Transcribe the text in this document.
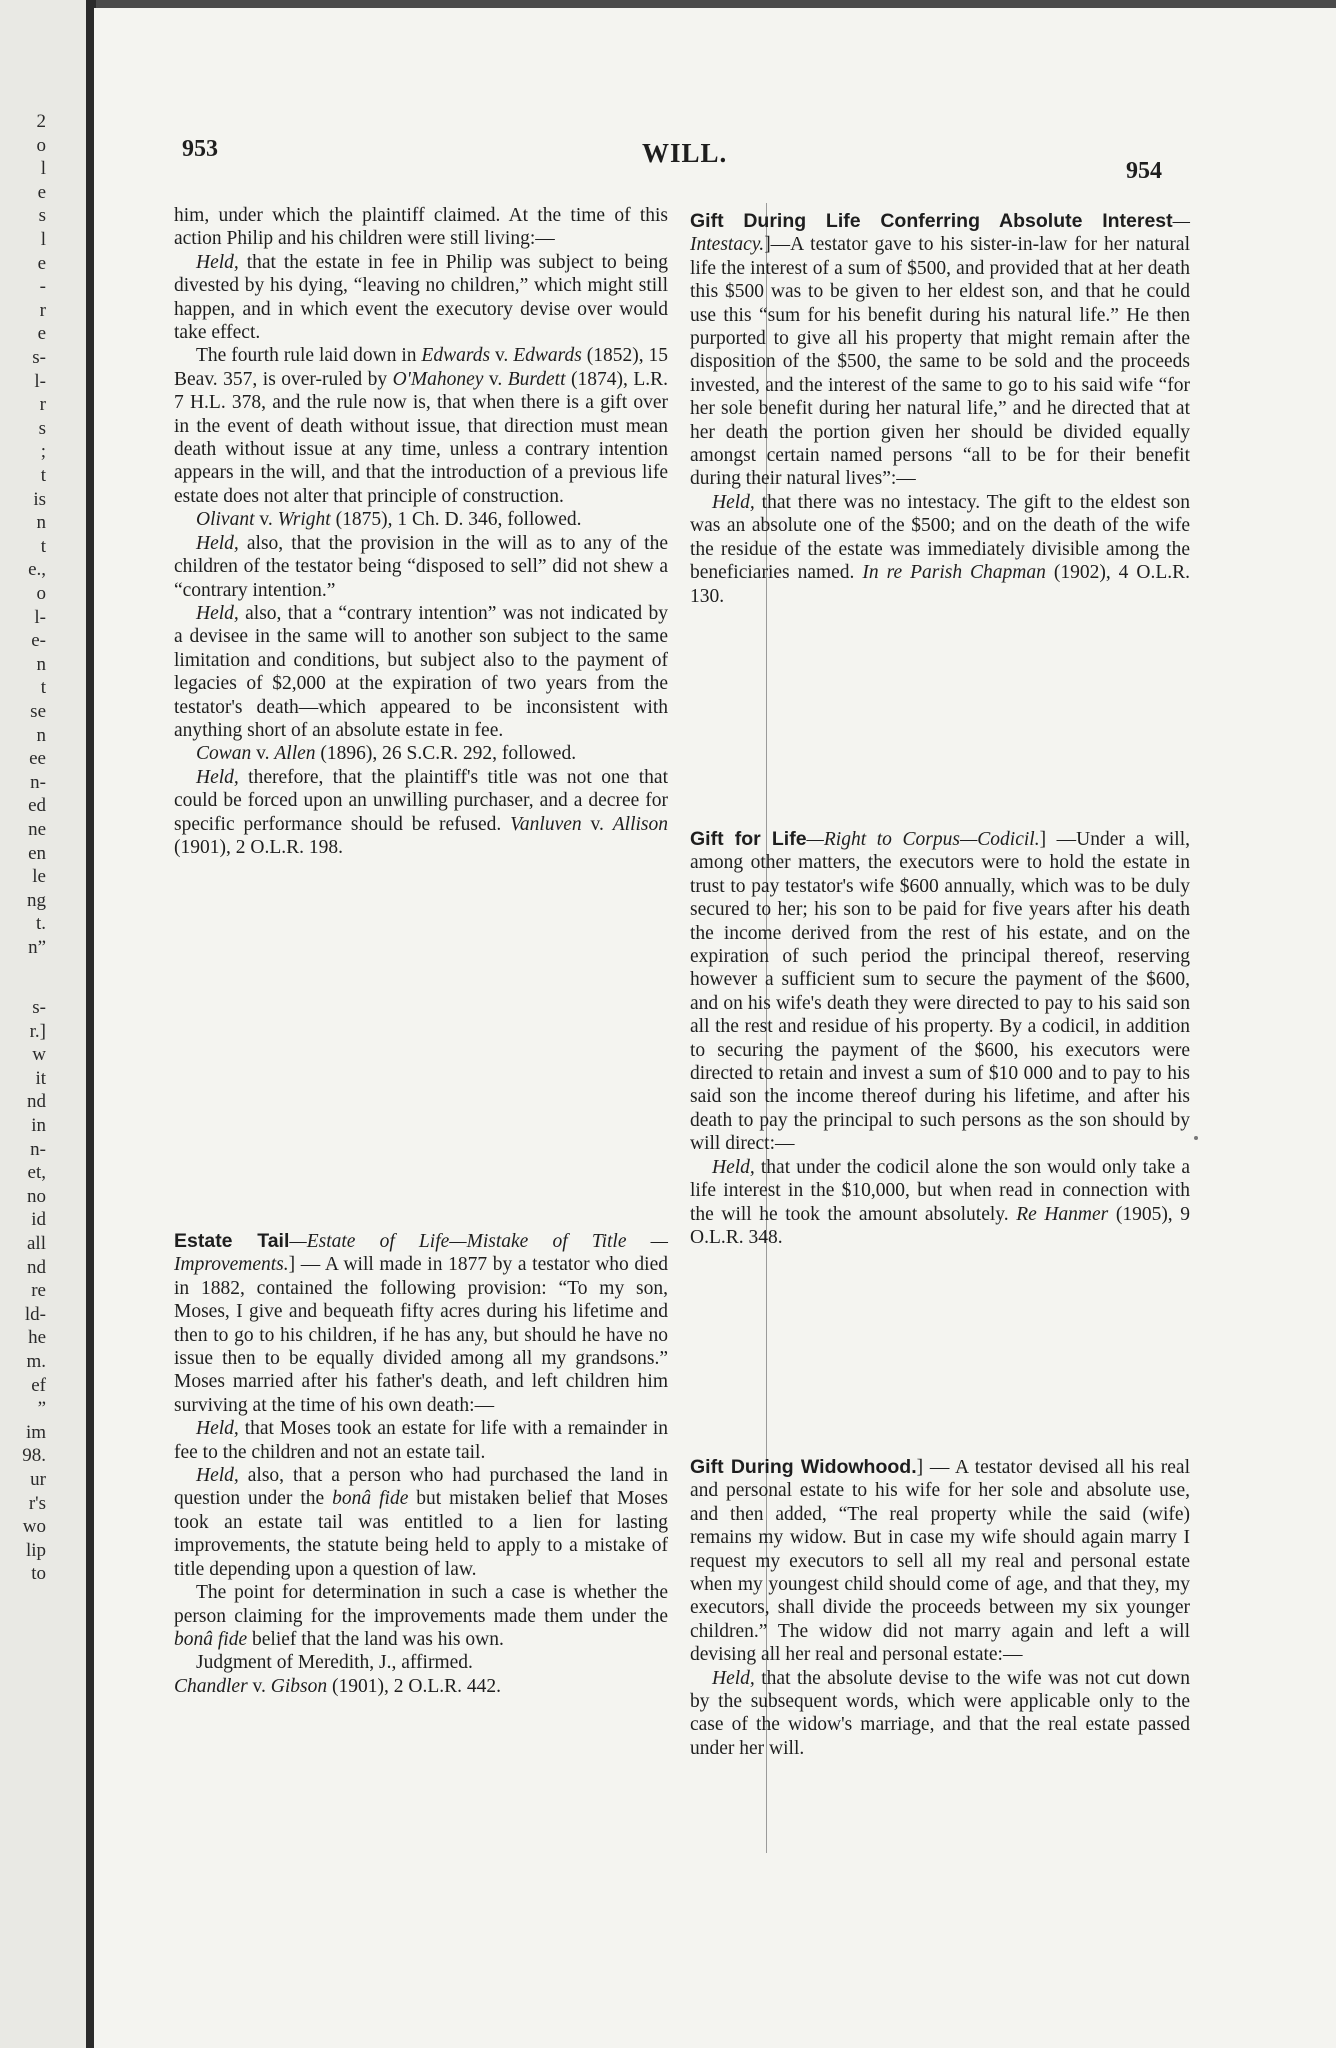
2
o
l
e
s
l
e
-
r
e
s-
l-
r
s
;
t
is
n
t
e.,
o
l-
e-
n
t
se
n
ee
n-
ed
ne
en
le
ng
t.
n”
s-
r.]
w
it
nd
in
n-
et,
no
id
all
nd
re
ld-
he
m.
ef
”
im
98.
ur
r's
wo
lip
to
953	WILL.
954

him, under which the plaintiff claimed. At the time of this action Philip and his children were still living:—

Held, that the estate in fee in Philip was subject to being divested by his dying, “leaving no children,” which might still happen, and in which event the executory devise over would take effect.

The fourth rule laid down in Edwards v. Edwards (1852), 15 Beav. 357, is over-ruled by O'Mahoney v. Burdett (1874), L.R. 7 H.L. 378, and the rule now is, that when there is a gift over in the event of death without issue, that direction must mean death without issue at any time, unless a contrary intention appears in the will, and that the introduction of a previous life estate does not alter that principle of construction.

Olivant v. Wright (1875), 1 Ch. D. 346, followed.

Held, also, that the provision in the will as to any of the children of the testator being “disposed to sell” did not shew a “contrary intention.”

Held, also, that a “contrary intention” was not indicated by a devisee in the same will to another son subject to the same limitation and conditions, but subject also to the payment of legacies of $2,000 at the expiration of two years from the testator's death—which appeared to be inconsistent with anything short of an absolute estate in fee.

Cowan v. Allen (1896), 26 S.C.R. 292, followed.

Held, therefore, that the plaintiff's title was not one that could be forced upon an unwilling purchaser, and a decree for specific performance should be refused. Vanluven v. Allison (1901), 2 O.L.R. 198.

Estate Tail—Estate of Life—Mistake of Title — Improvements.] — A will made in 1877 by a testator who died in 1882, contained the following provision: “To my son, Moses, I give and bequeath fifty acres during his lifetime and then to go to his children, if he has any, but should he have no issue then to be equally divided among all my grandsons.” Moses married after his father's death, and left children him surviving at the time of his own death:—

Held, that Moses took an estate for life with a remainder in fee to the children and not an estate tail.

Held, also, that a person who had purchased the land in question under the bonâ fide but mistaken belief that Moses took an estate tail was entitled to a lien for lasting improvements, the statute being held to apply to a mistake of title depending upon a question of law.

The point for determination in such a case is whether the person claiming for the improvements made them under the bonâ fide belief that the land was his own.

Judgment of Meredith, J., affirmed.

Chandler v. Gibson (1901), 2 O.L.R. 442.

Gift During Life Conferring Absolute Interest—Intestacy.]—A testator gave to his sister-in-law for her natural life the interest of a sum of $500, and provided that at her death this $500 was to be given to her eldest son, and that he could use this “sum for his benefit during his natural life.” He then purported to give all his property that might remain after the disposition of the $500, the same to be sold and the proceeds invested, and the interest of the same to go to his said wife “for her sole benefit during her natural life,” and he directed that at her death the portion given her should be divided equally amongst certain named persons “all to be for their benefit during their natural lives”:—

Held, that there was no intestacy. The gift to the eldest son was an absolute one of the $500; and on the death of the wife the residue of the estate was immediately divisible among the beneficiaries named. In re Parish Chapman (1902), 4 O.L.R. 130.

Gift for Life—Right to Corpus—Codicil.] —Under a will, among other matters, the executors were to hold the estate in trust to pay testator's wife $600 annually, which was to be duly secured to her; his son to be paid for five years after his death the income derived from the rest of his estate, and on the expiration of such period the principal thereof, reserving however a sufficient sum to secure the payment of the $600, and on his wife's death they were directed to pay to his said son all the rest and residue of his property. By a codicil, in addition to securing the payment of the $600, his executors were directed to retain and invest a sum of $10 000 and to pay to his said son the income thereof during his lifetime, and after his death to pay the principal to such persons as the son should by will direct:—

Held, that under the codicil alone the son would only take a life interest in the $10,000, but when read in connection with the will he took the amount absolutely. Re Hanmer (1905), 9 O.L.R. 348.

Gift During Widowhood.] — A testator devised all his real and personal estate to his wife for her sole and absolute use, and then added, “The real property while the said (wife) remains my widow. But in case my wife should again marry I request my executors to sell all my real and personal estate when my youngest child should come of age, and that they, my executors, shall divide the proceeds between my six younger children.” The widow did not marry again and left a will devising all her real and personal estate:—

Held, that the absolute devise to the wife was not cut down by the subsequent words, which were applicable only to the case of the widow's marriage, and that the real estate passed under her will.
